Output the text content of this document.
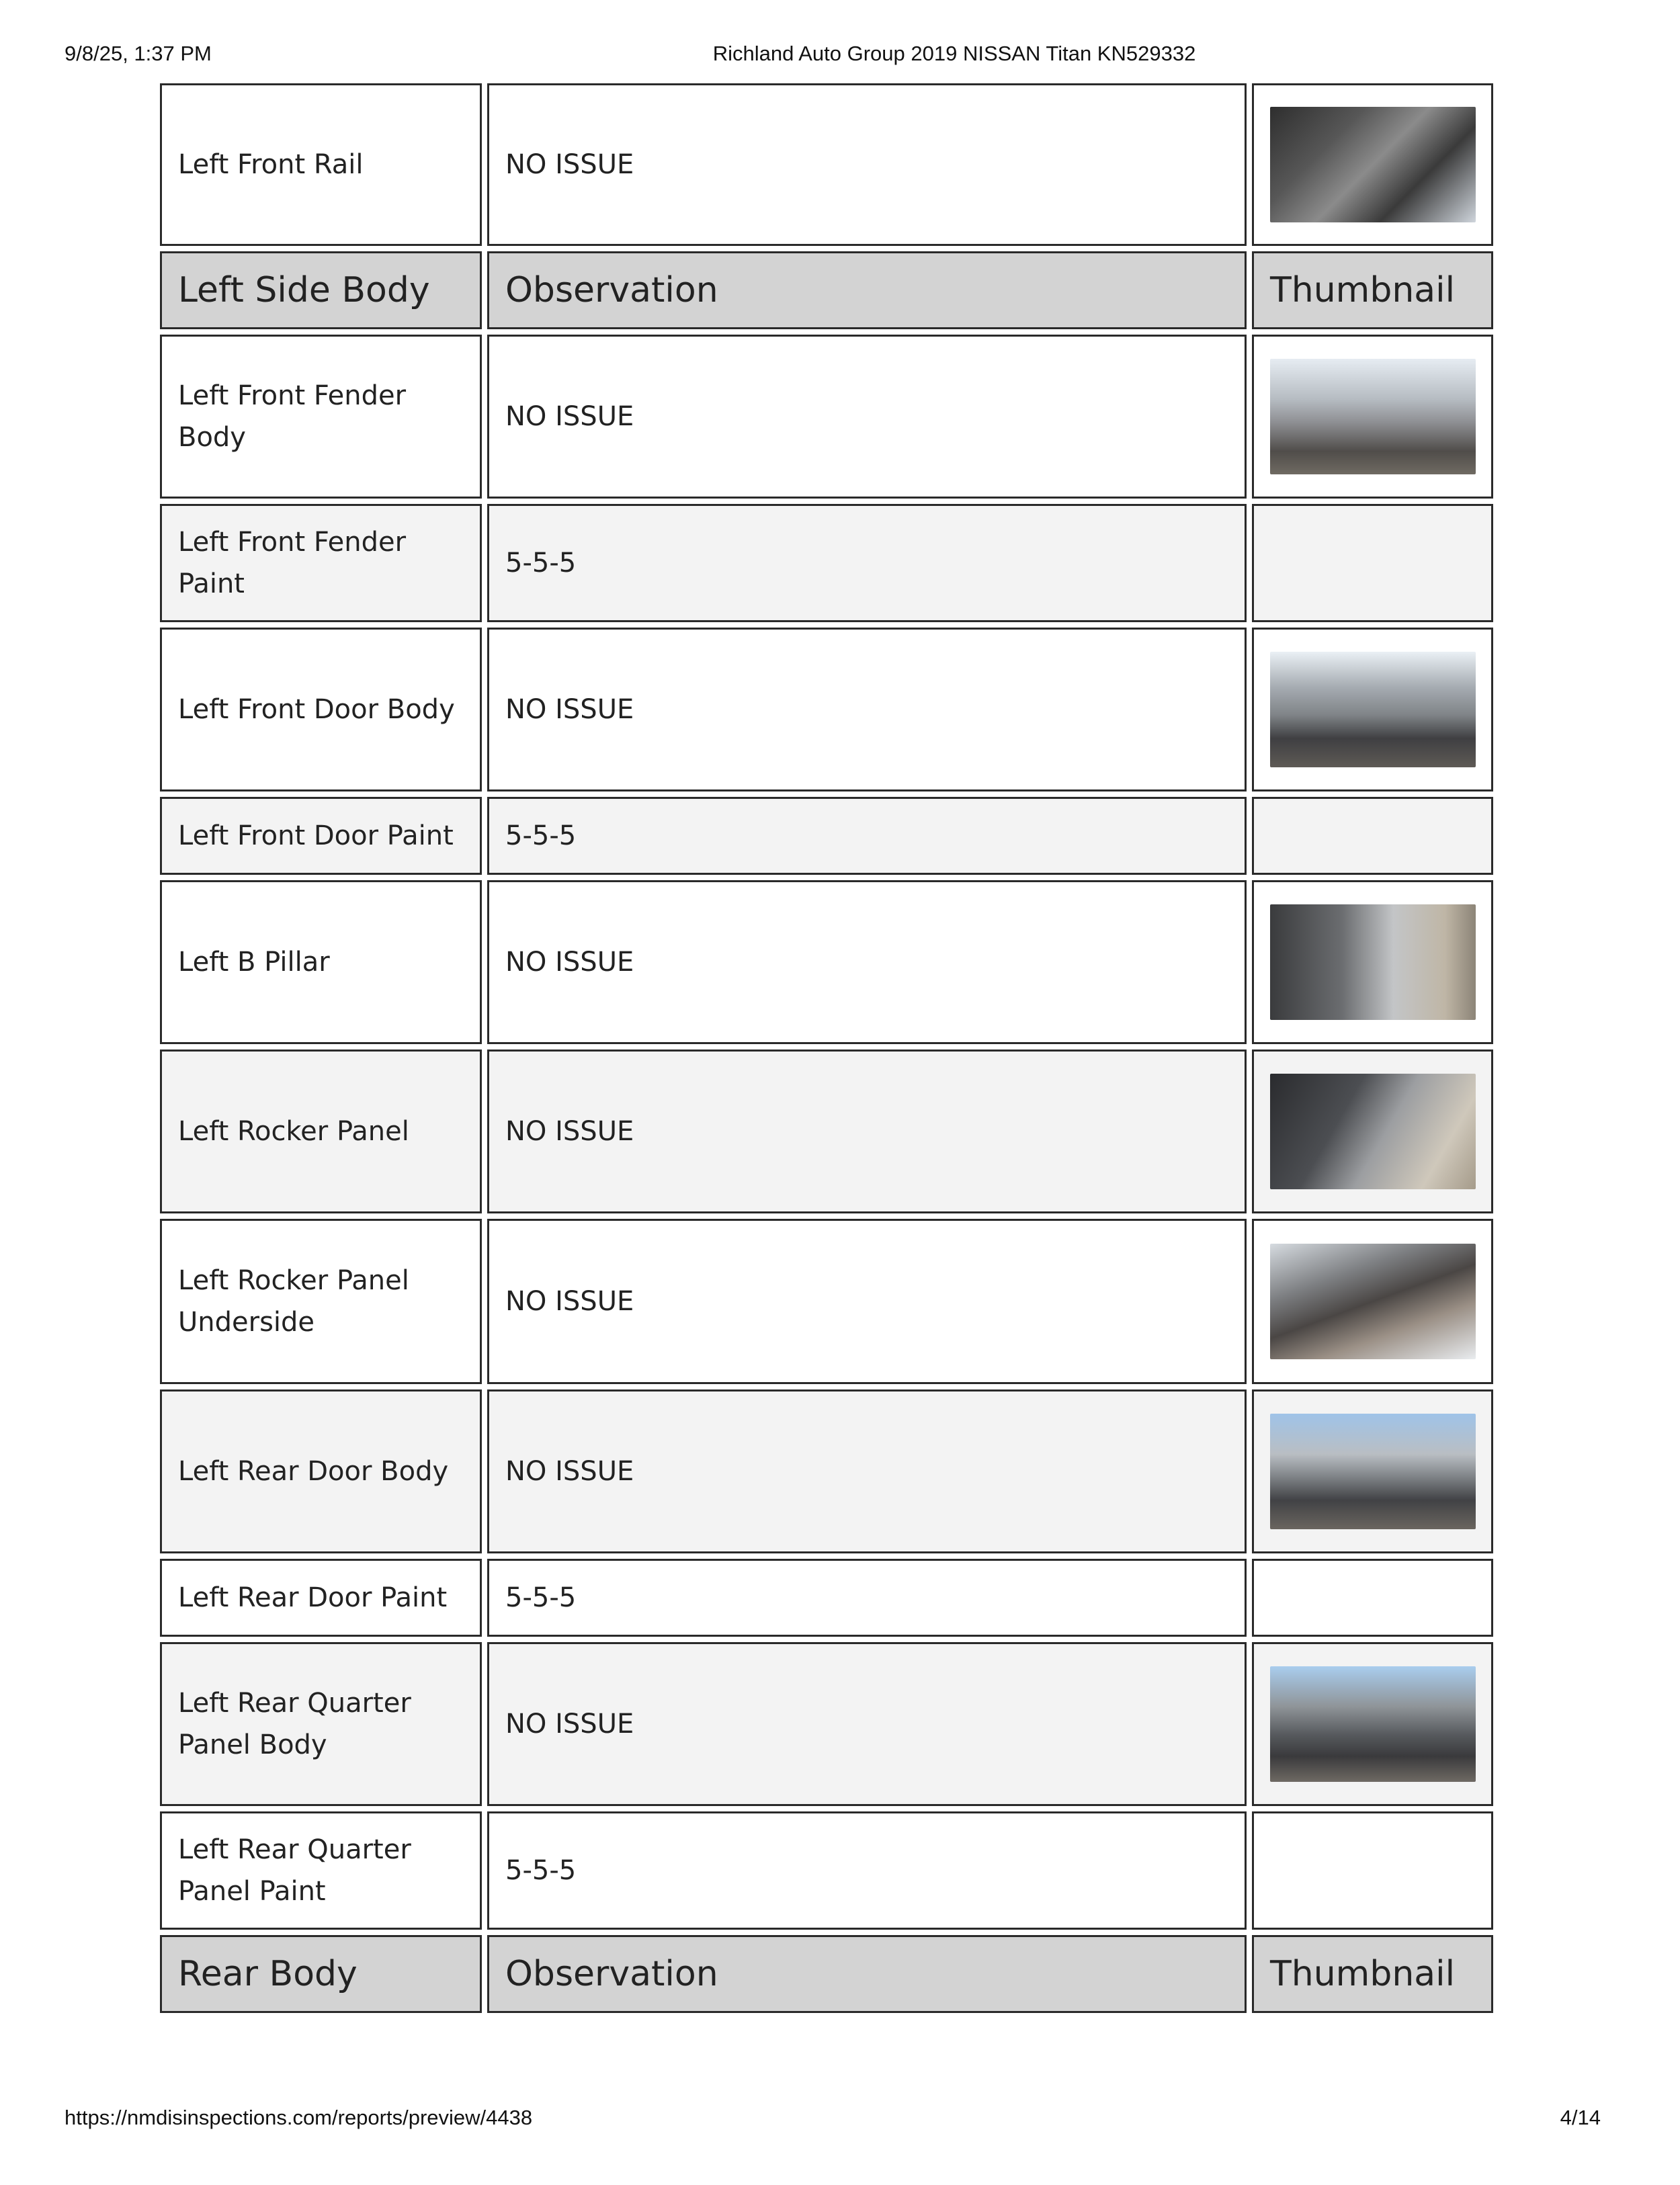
9/8/25, 1:37 PM	Richland Auto Group 2019 NISSAN Titan KN529332
Left Front Rail	NO ISSUE	

Left Side Body	Observation	Thumbnail
Left Front Fender Body	NO ISSUE	

Left Front Fender Paint	5-5-5	
Left Front Door Body	NO ISSUE	

Left Front Door Paint	5-5-5	
Left B Pillar	NO ISSUE	

Left Rocker Panel	NO ISSUE	

Left Rocker Panel Underside	NO ISSUE	

Left Rear Door Body	NO ISSUE	

Left Rear Door Paint	5-5-5	
Left Rear Quarter Panel Body	NO ISSUE	

Left Rear Quarter Panel Paint	5-5-5	
Rear Body	Observation	Thumbnail
https://nmdisinspections.com/reports/preview/4438	4/14
